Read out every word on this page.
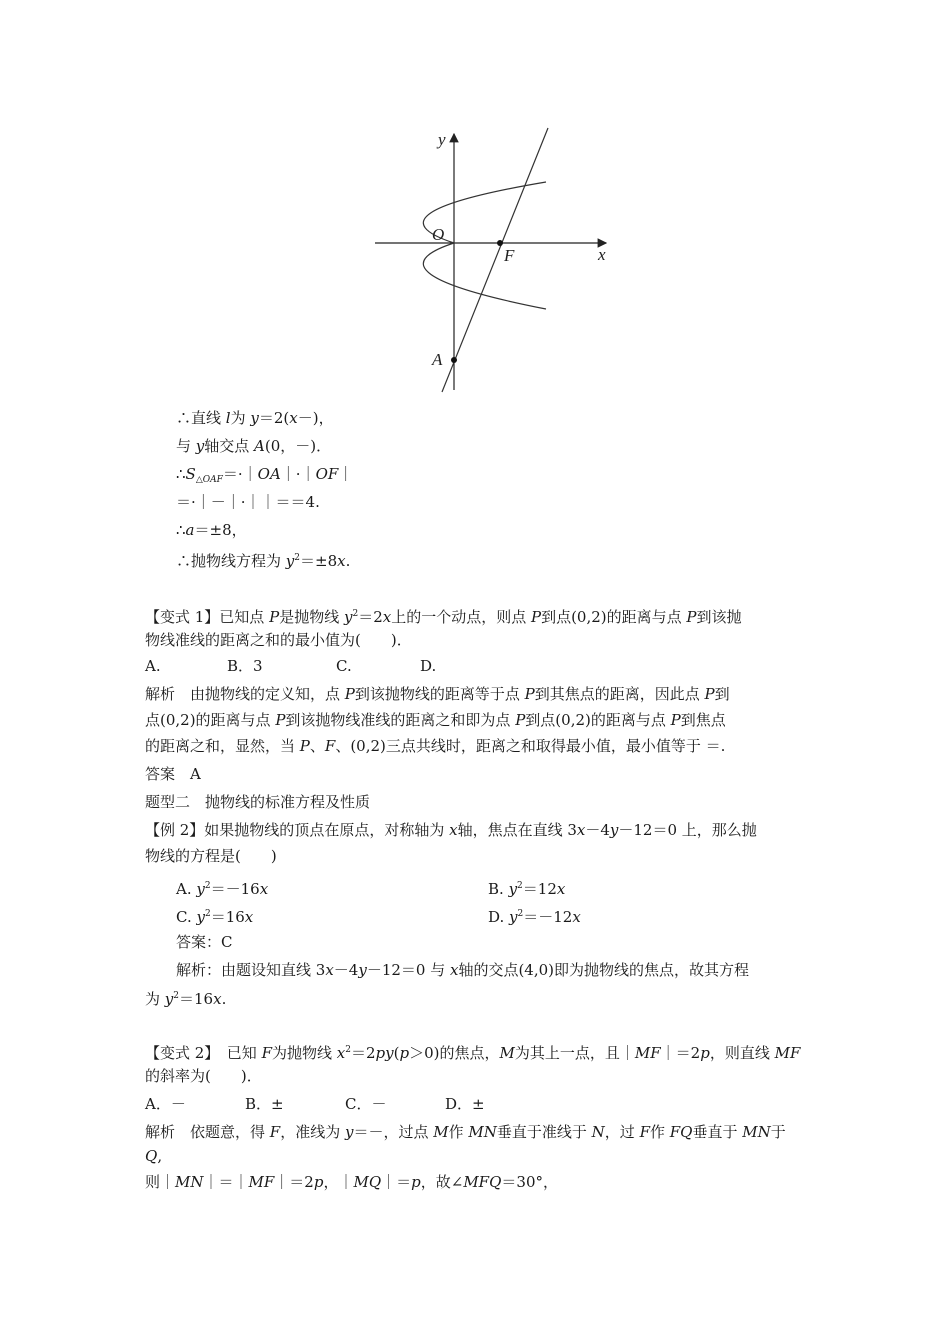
y
x
O
F
A
∴直线 l为 y＝2(x－)，
与 y轴交点 A(0，－)．
$\therefore S_{\triangle OAF}=\cdot|OA|\cdot|OF|$
＝·｜－｜·｜｜＝＝4.
∴a＝±8，
∴抛物线方程为 $y^2=\pm 8x$.
【变式 1】已知点 P是抛物线 $y^2=2x$上的一个动点，则点 P到点(0,2)的距离与点 P到该抛
物线准线的距离之和的最小值为(　　)．
A.	B．3	C.	D.
解析　由抛物线的定义知，点 P到该抛物线的距离等于点 P到其焦点的距离，因此点 P到
点(0,2)的距离与点 P到该抛物线准线的距离之和即为点 P到点(0,2)的距离与点 P到焦点
的距离之和，显然，当 P、F、(0,2)三点共线时，距离之和取得最小值，最小值等于 ＝.
答案　A
题型二　抛物线的标准方程及性质
【例 2】如果抛物线的顶点在原点，对称轴为 x轴，焦点在直线 3x－4y－12＝0 上，那么抛
物线的方程是(　　)
A. $y^2=-16x$	B. $y^2=12x$
C. $y^2=16x$	D. $y^2=-12x$
答案：C
解析：由题设知直线 3x－4y－12＝0 与 x轴的交点(4,0)即为抛物线的焦点，故其方程
为 $y^2=16x$.
【变式 2】　已知 F为抛物线 $x^2=2py(p>0)$的焦点，M为其上一点，且｜MF｜＝2p，则直线 MF
的斜率为(　　)．
A．－	B．±	C．－	D．±
解析　依题意，得 F，准线为 y＝－，过点 M作 MN垂直于准线于 N，过 F作 FQ垂直于 MN于
Q,
则｜MN｜＝｜MF｜＝2p，｜MQ｜＝p，故∠MFQ＝30°，
